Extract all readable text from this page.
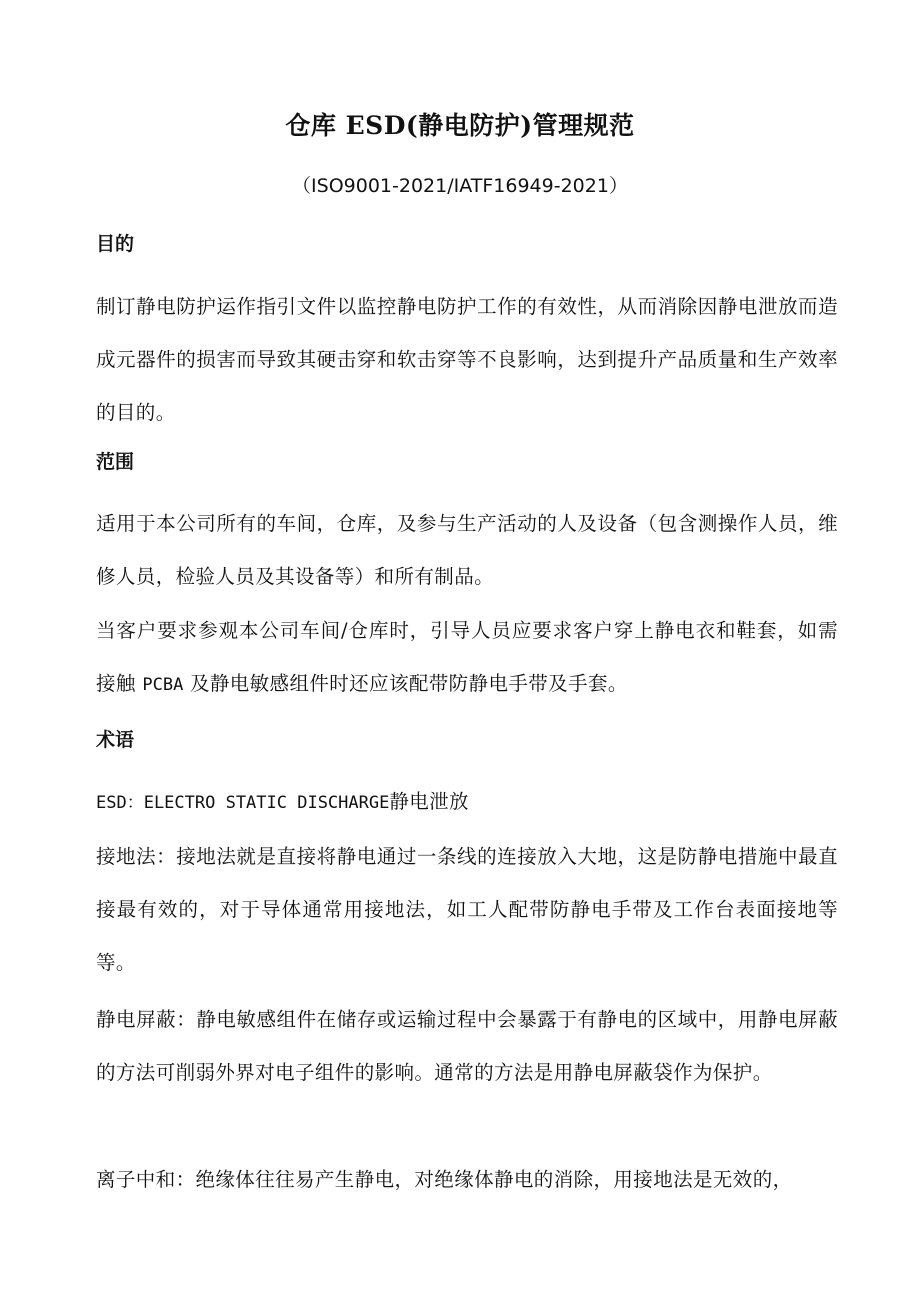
仓库 ESD(静电防护)管理规范
（ISO9001-2021/IATF16949-2021）
目的

制订静电防护运作指引文件以监控静电防护工作的有效性，从而消除因静电泄放而造成元器件的损害而导致其硬击穿和软击穿等不良影响，达到提升产品质量和生产效率的目的。

范围

适用于本公司所有的车间，仓库，及参与生产活动的人及设备（包含测操作人员，维修人员，检验人员及其设备等）和所有制品。

当客户要求参观本公司车间/仓库时，引导人员应要求客户穿上静电衣和鞋套，如需接触 PCBA 及静电敏感组件时还应该配带防静电手带及手套。

术语

ESD：ELECTRO STATIC DISCHARGE静电泄放

接地法：接地法就是直接将静电通过一条线的连接放入大地，这是防静电措施中最直接最有效的，对于导体通常用接地法，如工人配带防静电手带及工作台表面接地等等。

静电屏蔽：静电敏感组件在储存或运输过程中会暴露于有静电的区域中，用静电屏蔽的方法可削弱外界对电子组件的影响。通常的方法是用静电屏蔽袋作为保护。

离子中和：绝缘体往往易产生静电，对绝缘体静电的消除，用接地法是无效的，
